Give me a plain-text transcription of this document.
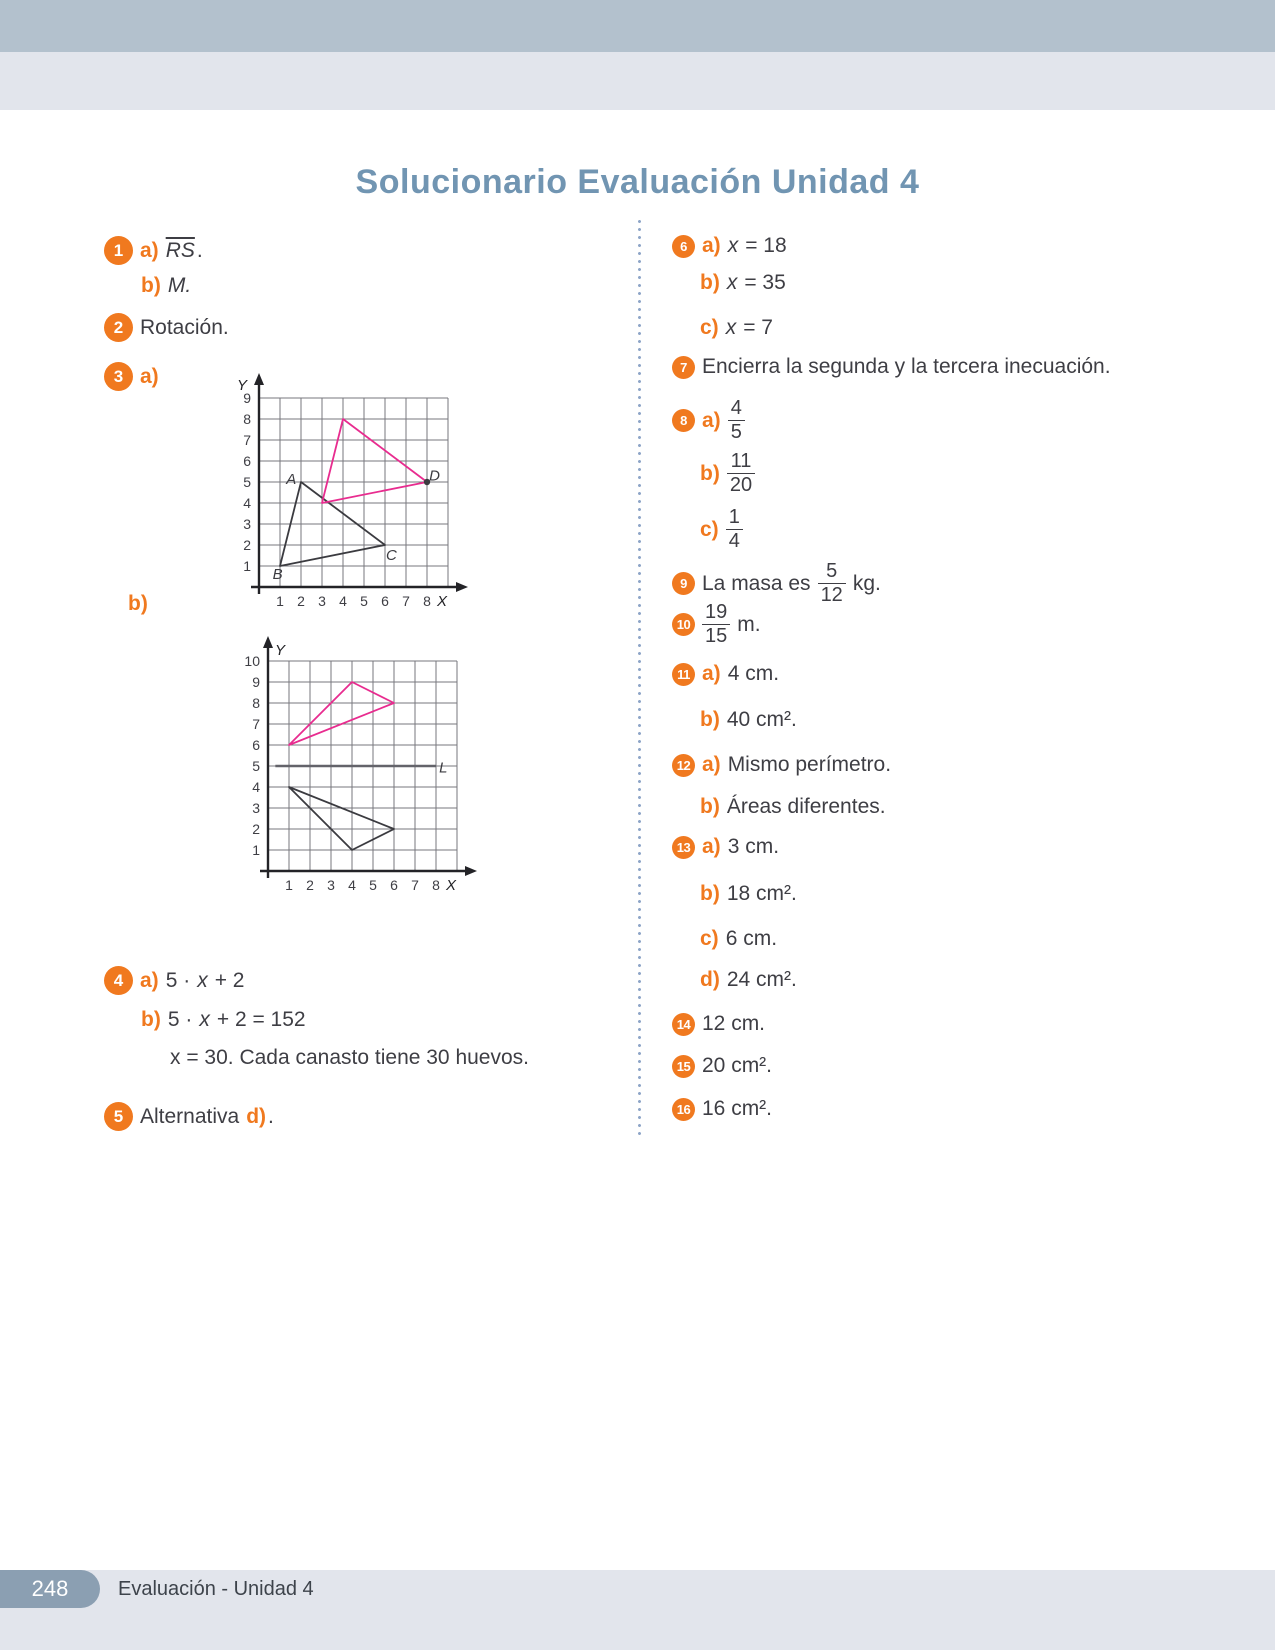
Solucionario Evaluación Unidad 4
1 a) $\overline{RS}$ .
b) M.
2 Rotación.
3 a)
1
2
3
4
5
6
7
8
9
1 2 3 4 5 6 7 8 X
Y
A
B
C
D
b)
L
1
2
3
4
5
6
7
8
9
10
1 2 3 4 5 6 7 8 X
Y
4 a) 5 · x + 2
b) 5 · x + 2 = 152
x = 30. Cada canasto tiene 30 huevos.
5 Alternativa d) .
6 a) x = 18
b) x = 35
c) x = 7
7 Encierra la segunda y la tercera inecuación.
8 $a) \frac{4}{5}$
$b) \frac{11}{20}$
$c) \frac{1}{4}$
9 La masa es $\frac{5}{12}$ kg.
$10 \frac{19}{15} m$.
11 a) 4 cm.
b) 40 cm².
12 a) Mismo perímetro.
b) Áreas diferentes.
13 a) 3 cm.
b) 18 cm².
c) 6 cm.
d) 24 cm².
14 12 cm.
15 20 cm².
16 16 cm².
248 Evaluación - Unidad 4
